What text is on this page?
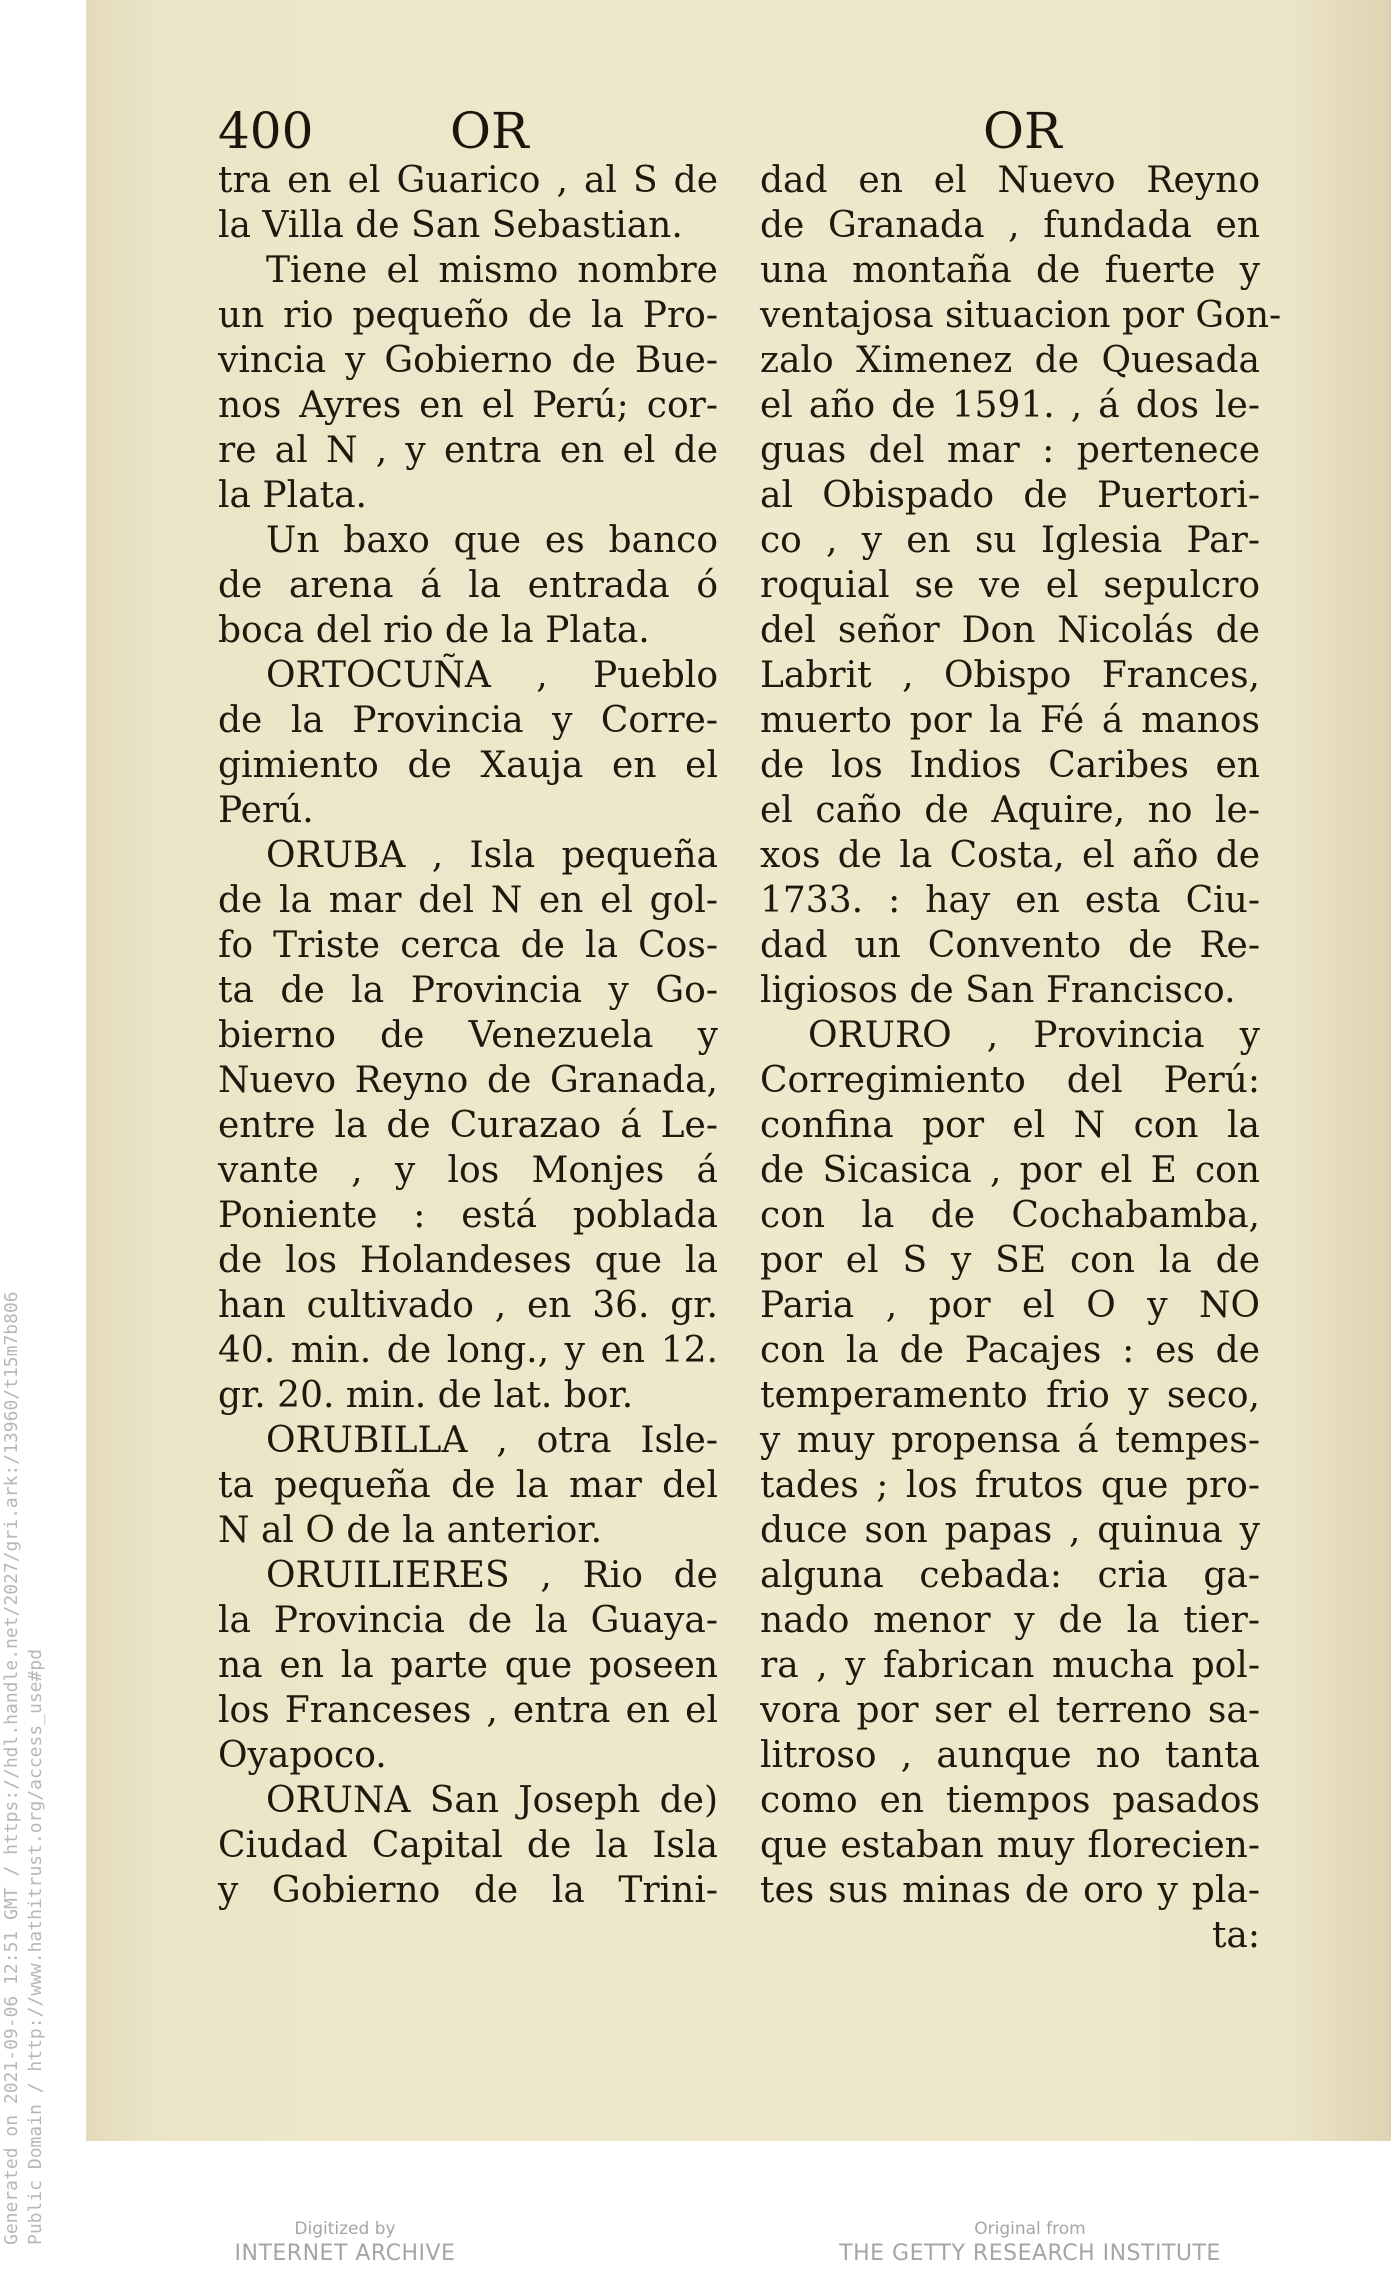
Generated on 2021-09-06 12:51 GMT / https://hdl.handle.net/2027/gri.ark:/13960/t15m7b806 Public Domain / http://www.hathitrust.org/access_use#pd
400	OR	OR
tra en el Guarico , al S de
la Villa de San Sebastian.
Tiene el mismo nombre
un rio pequeño de la Pro-
vincia y Gobierno de Bue-
nos Ayres en el Perú; cor-
re al N , y entra en el de
la Plata.
Un baxo que es banco
de arena á la entrada ó
boca del rio de la Plata.
ORTOCUÑA , Pueblo
de la Provincia y Corre-
gimiento de Xauja en el
Perú.
ORUBA , Isla pequeña
de la mar del N en el gol-
fo Triste cerca de la Cos-
ta de la Provincia y Go-
bierno de Venezuela y
Nuevo Reyno de Granada,
entre la de Curazao á Le-
vante , y los Monjes á
Poniente : está poblada
de los Holandeses que la
han cultivado , en 36. gr.
40. min. de long., y en 12.
gr. 20. min. de lat. bor.
ORUBILLA , otra Isle-
ta pequeña de la mar del
N al O de la anterior.
ORUILIERES , Rio de
la Provincia de la Guaya-
na en la parte que poseen
los Franceses , entra en el
Oyapoco.
ORUNA San Joseph de)
Ciudad Capital de la Isla
y Gobierno de la Trini-
dad en el Nuevo Reyno
de Granada , fundada en
una montaña de fuerte y
ventajosa situacion por Gon-
zalo Ximenez de Quesada
el año de 1591. , á dos le-
guas del mar : pertenece
al Obispado de Puertori-
co , y en su Iglesia Par-
roquial se ve el sepulcro
del señor Don Nicolás de
Labrit , Obispo Frances,
muerto por la Fé á manos
de los Indios Caribes en
el caño de Aquire, no le-
xos de la Costa, el año de
1733. : hay en esta Ciu-
dad un Convento de Re-
ligiosos de San Francisco.
ORURO , Provincia y
Corregimiento del Perú:
confina por el N con la
de Sicasica , por el E con
con la de Cochabamba,
por el S y SE con la de
Paria , por el O y NO
con la de Pacajes : es de
temperamento frio y seco,
y muy propensa á tempes-
tades ; los frutos que pro-
duce son papas , quinua y
alguna cebada: cria ga-
nado menor y de la tier-
ra , y fabrican mucha pol-
vora por ser el terreno sa-
litroso , aunque no tanta
como en tiempos pasados
que estaban muy florecien-
tes sus minas de oro y pla-
ta:
Digitized by
INTERNET ARCHIVE
Original from
THE GETTY RESEARCH INSTITUTE
